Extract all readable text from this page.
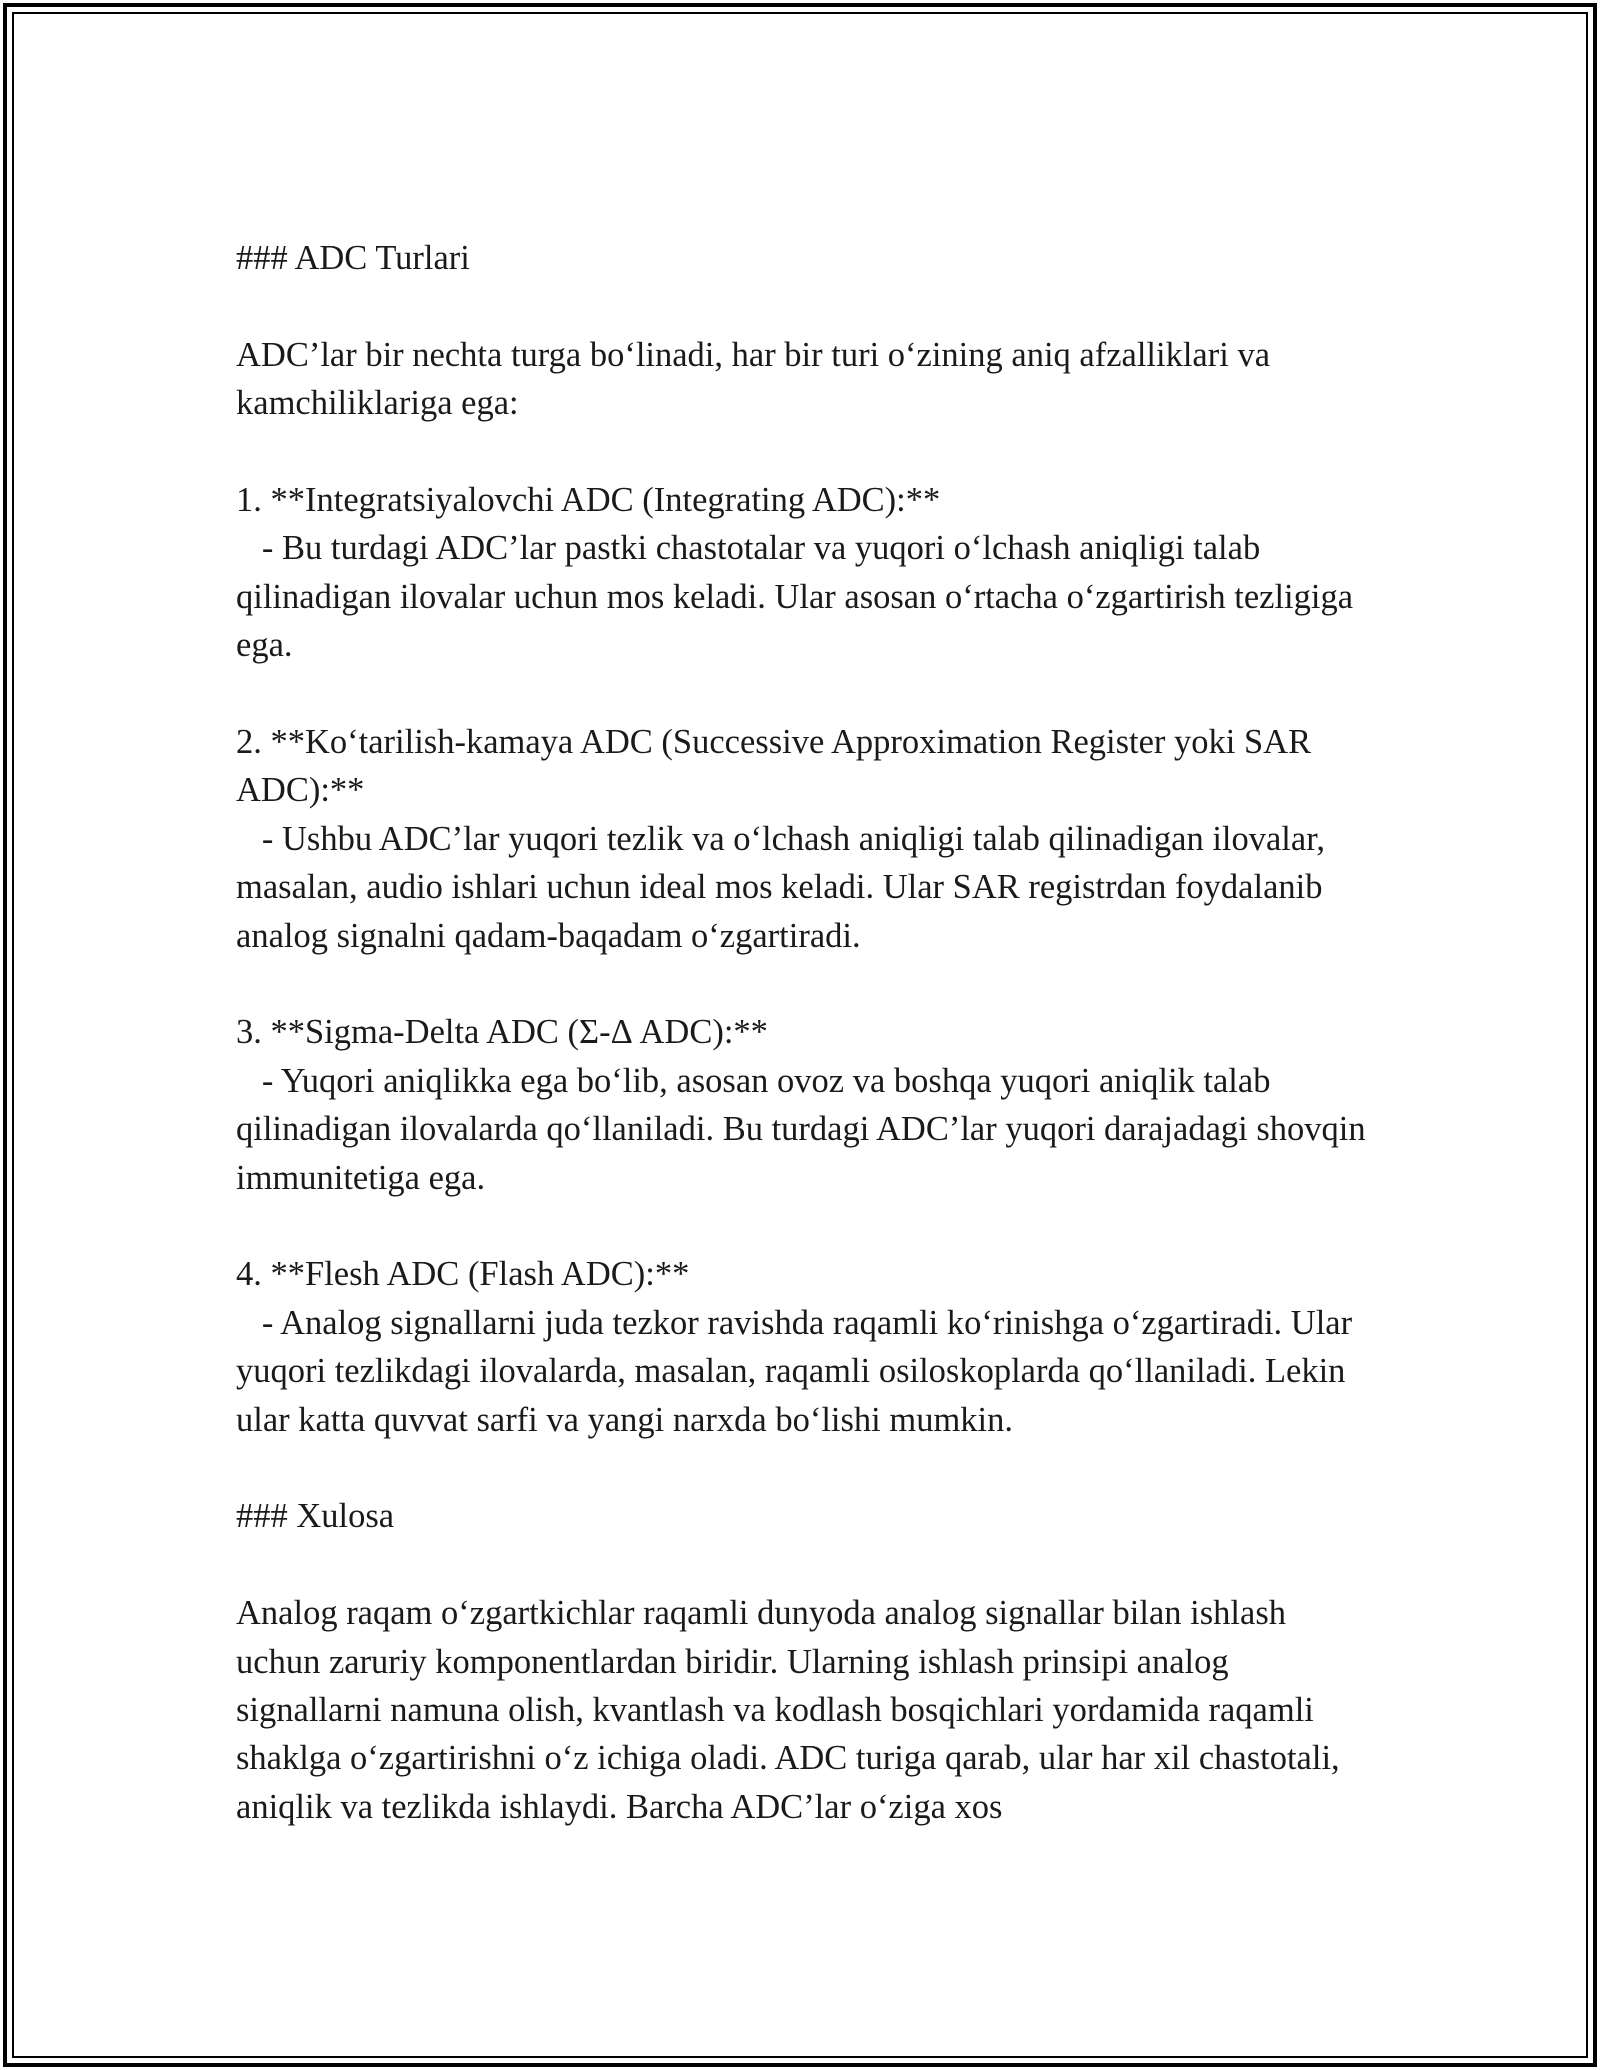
### ADC Turlari

ADC’lar bir nechta turga bo‘linadi, har bir turi o‘zining aniq afzalliklari va kamchiliklariga ega:

1. **Integratsiyalovchi ADC (Integrating ADC):**

- Bu turdagi ADC’lar pastki chastotalar va yuqori o‘lchash aniqligi talab qilinadigan ilovalar uchun mos keladi. Ular asosan o‘rtacha o‘zgartirish tezligiga ega.

2. **Ko‘tarilish-kamaya ADC (Successive Approximation Register yoki SAR ADC):**

- Ushbu ADC’lar yuqori tezlik va o‘lchash aniqligi talab qilinadigan ilovalar, masalan, audio ishlari uchun ideal mos keladi. Ular SAR registrdan foydalanib analog signalni qadam-baqadam o‘zgartiradi.

3. **Sigma-Delta ADC (Σ-Δ ADC):**

- Yuqori aniqlikka ega bo‘lib, asosan ovoz va boshqa yuqori aniqlik talab qilinadigan ilovalarda qo‘llaniladi. Bu turdagi ADC’lar yuqori darajadagi shovqin immunitetiga ega.

4. **Flesh ADC (Flash ADC):**

- Analog signallarni juda tezkor ravishda raqamli ko‘rinishga o‘zgartiradi. Ular yuqori tezlikdagi ilovalarda, masalan, raqamli osiloskoplarda qo‘llaniladi. Lekin ular katta quvvat sarfi va yangi narxda bo‘lishi mumkin.

### Xulosa

Analog raqam o‘zgartkichlar raqamli dunyoda analog signallar bilan ishlash uchun zaruriy komponentlardan biridir. Ularning ishlash prinsipi analog signallarni namuna olish, kvantlash va kodlash bosqichlari yordamida raqamli shaklga o‘zgartirishni o‘z ichiga oladi. ADC turiga qarab, ular har xil chastotali, aniqlik va tezlikda ishlaydi. Barcha ADC’lar o‘ziga xos
